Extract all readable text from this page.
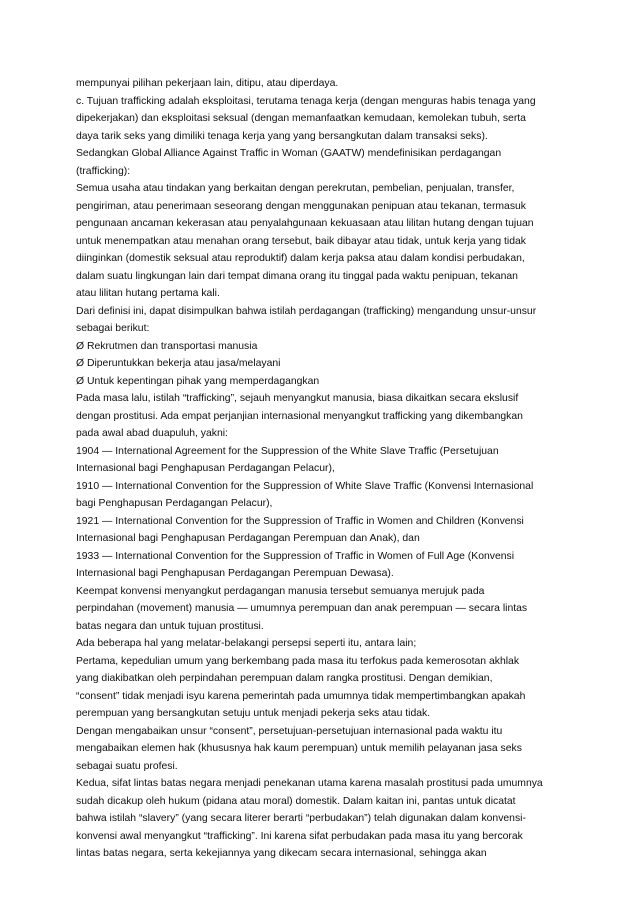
mempunyai pilihan pekerjaan lain, ditipu, atau diperdaya.
c. Tujuan trafficking adalah eksploitasi, terutama tenaga kerja (dengan menguras habis tenaga yang
dipekerjakan) dan eksploitasi seksual (dengan memanfaatkan kemudaan, kemolekan tubuh, serta
daya tarik seks yang dimiliki tenaga kerja yang yang bersangkutan dalam transaksi seks).
Sedangkan Global Alliance Against Traffic in Woman (GAATW) mendefinisikan perdagangan
(trafficking):
Semua usaha atau tindakan yang berkaitan dengan perekrutan, pembelian, penjualan, transfer,
pengiriman, atau penerimaan seseorang dengan menggunakan penipuan atau tekanan, termasuk
pengunaan ancaman kekerasan atau penyalahgunaan kekuasaan atau lilitan hutang dengan tujuan
untuk menempatkan atau menahan orang tersebut, baik dibayar atau tidak, untuk kerja yang tidak
diinginkan (domestik seksual atau reproduktif) dalam kerja paksa atau dalam kondisi perbudakan,
dalam suatu lingkungan lain dari tempat dimana orang itu tinggal pada waktu penipuan, tekanan
atau lilitan hutang pertama kali.
Dari definisi ini, dapat disimpulkan bahwa istilah perdagangan (trafficking) mengandung unsur-unsur
sebagai berikut:
Ø Rekrutmen dan transportasi manusia
Ø Diperuntukkan bekerja atau jasa/melayani
Ø Untuk kepentingan pihak yang memperdagangkan
Pada masa lalu, istilah “trafficking”, sejauh menyangkut manusia, biasa dikaitkan secara ekslusif
dengan prostitusi. Ada empat perjanjian internasional menyangkut trafficking yang dikembangkan
pada awal abad duapuluh, yakni:
1904 — International Agreement for the Suppression of the White Slave Traffic (Persetujuan
Internasional bagi Penghapusan Perdagangan Pelacur),
1910 — International Convention for the Suppression of White Slave Traffic (Konvensi Internasional
bagi Penghapusan Perdagangan Pelacur),
1921 — International Convention for the Suppression of Traffic in Women and Children (Konvensi
Internasional bagi Penghapusan Perdagangan Perempuan dan Anak), dan
1933 — International Convention for the Suppression of Traffic in Women of Full Age (Konvensi
Internasional bagi Penghapusan Perdagangan Perempuan Dewasa).
Keempat konvensi menyangkut perdagangan manusia tersebut semuanya merujuk pada
perpindahan (movement) manusia — umumnya perempuan dan anak perempuan — secara lintas
batas negara dan untuk tujuan prostitusi.
Ada beberapa hal yang melatar-belakangi persepsi seperti itu, antara lain;
Pertama, kepedulian umum yang berkembang pada masa itu terfokus pada kemerosotan akhlak
yang diakibatkan oleh perpindahan perempuan dalam rangka prostitusi. Dengan demikian,
“consent” tidak menjadi isyu karena pemerintah pada umumnya tidak mempertimbangkan apakah
perempuan yang bersangkutan setuju untuk menjadi pekerja seks atau tidak.
Dengan mengabaikan unsur “consent”, persetujuan-persetujuan internasional pada waktu itu
mengabaikan elemen hak (khususnya hak kaum perempuan) untuk memilih pelayanan jasa seks
sebagai suatu profesi.
Kedua, sifat lintas batas negara menjadi penekanan utama karena masalah prostitusi pada umumnya
sudah dicakup oleh hukum (pidana atau moral) domestik. Dalam kaitan ini, pantas untuk dicatat
bahwa istilah “slavery” (yang secara literer berarti “perbudakan”) telah digunakan dalam konvensi-
konvensi awal menyangkut “trafficking”. Ini karena sifat perbudakan pada masa itu yang bercorak
lintas batas negara, serta kekejiannya yang dikecam secara internasional, sehingga akan
